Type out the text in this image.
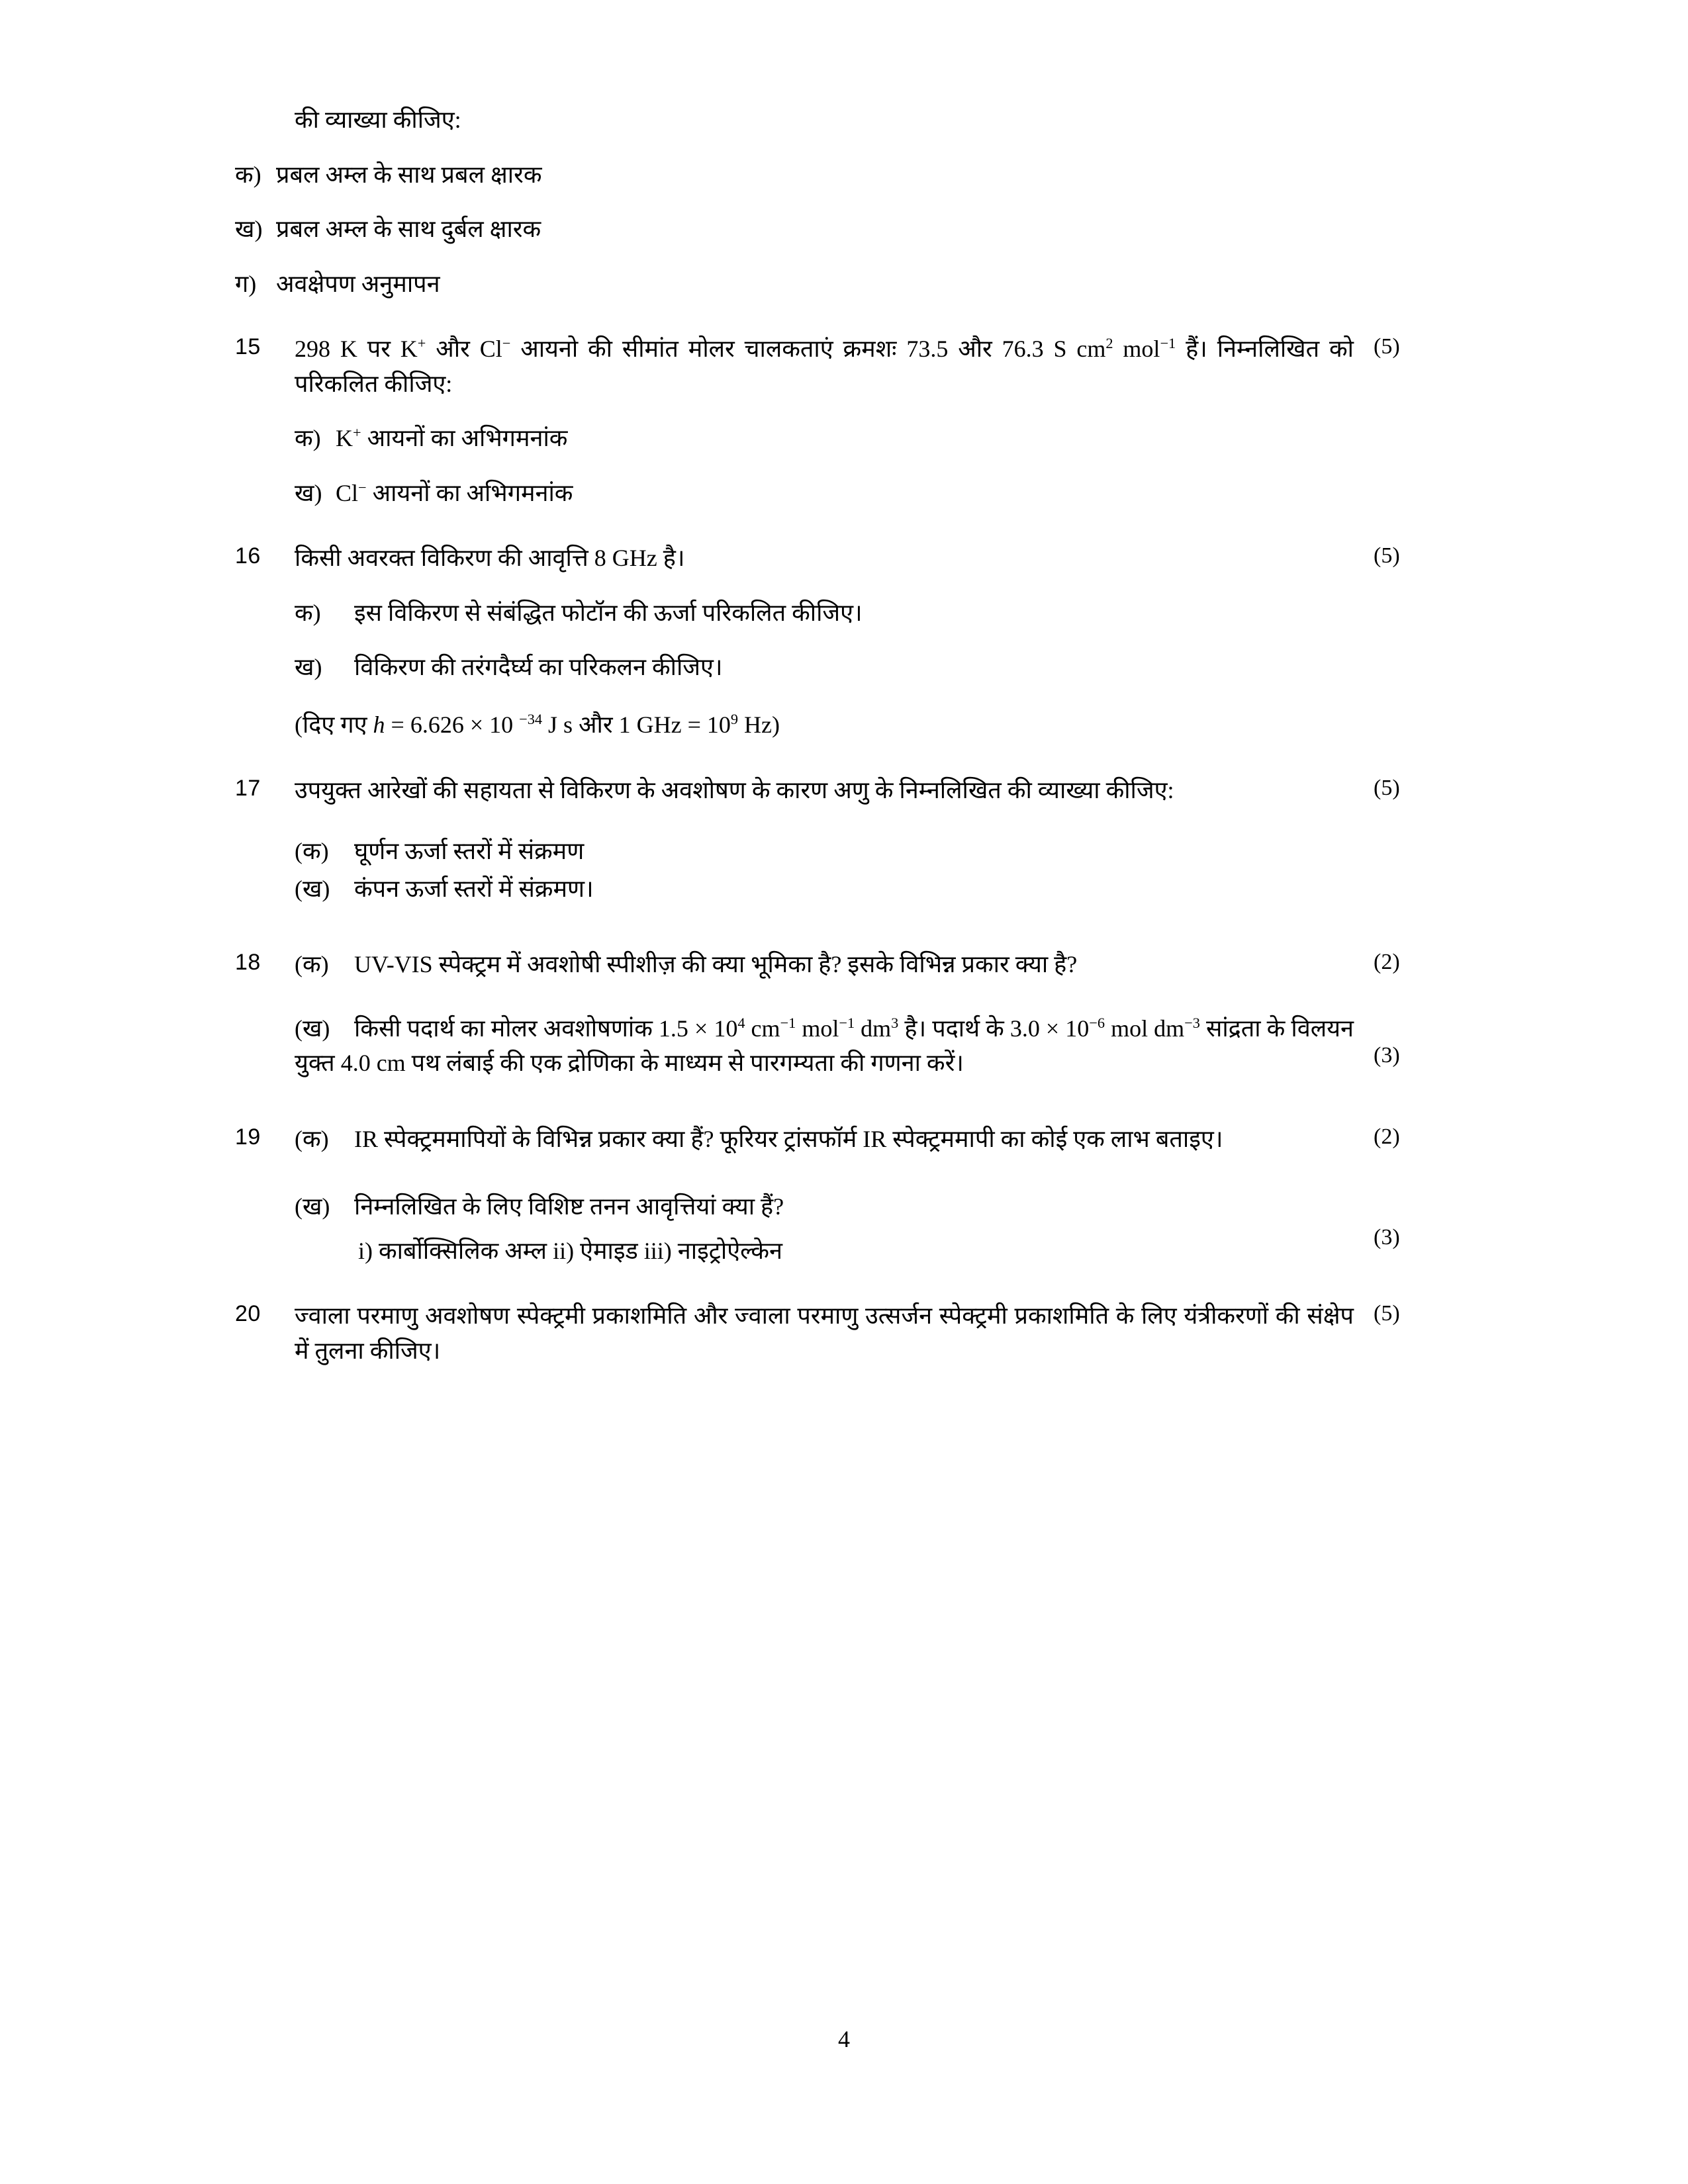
की व्याख्या कीजिए:
क) प्रबल अम्ल के साथ प्रबल क्षारक
ख) प्रबल अम्ल के साथ दुर्बल क्षारक
ग) अवक्षेपण अनुमापन
15	(5)
298 K पर K+ और Cl− आयनो की सीमांत मोलर चालकताएं क्रमशः 73.5 और 76.3 S $cm^2$ mol$^{-1}$ हैं। निम्नलिखित को परिकलित कीजिए:
क) K+ आयनों का अभिगमनांक
ख) Cl− आयनों का अभिगमनांक
16	(5)
किसी अवरक्त विकिरण की आवृत्ति 8 GHz है।
क)	इस विकिरण से संबंद्धित फोटॉन की ऊर्जा परिकलित कीजिए।
ख)	विकिरण की तरंगदैर्घ्य का परिकलन कीजिए।
(दिए गए h = 6.626 × 10 $^{-34}$ J s और 1 GHz = $10^9$ Hz)
17	(5)
उपयुक्त आरेखों की सहायता से विकिरण के अवशोषण के कारण अणु के निम्नलिखित की व्याख्या कीजिए:
(क)	घूर्णन ऊर्जा स्तरों में संक्रमण
(ख)	कंपन ऊर्जा स्तरों में संक्रमण।
18	(2)
(क)	UV-VIS स्पेक्ट्रम में अवशोषी स्पीशीज़ की क्या भूमिका है? इसके विभिन्न प्रकार क्या है?
(3)
(ख)	किसी पदार्थ का मोलर अवशोषणांक $1.5 \times 10^4$ $cm^{-1}$ mol$^{-1}$ $dm^3$ है। पदार्थ के $3.0 \times 10^{-6}$ mol $dm^{-3}$ सांद्रता के विलयन युक्त 4.0 cm पथ लंबाई की एक द्रोणिका के माध्यम से पारगम्यता की गणना करें।
19	(2)
(क)	IR स्पेक्ट्रममापियों के विभिन्न प्रकार क्या हैं? फूरियर ट्रांसफॉर्म IR स्पेक्ट्रममापी का कोई एक लाभ बताइए।
(3)
(ख)	निम्नलिखित के लिए विशिष्ट तनन आवृत्तियां क्या हैं?
i) कार्बोक्सिलिक अम्ल ii) ऐमाइड iii) नाइट्रोऐल्केन
20	(5)
ज्वाला परमाणु अवशोषण स्पेक्ट्रमी प्रकाशमिति और ज्वाला परमाणु उत्सर्जन स्पेक्ट्रमी प्रकाशमिति के लिए यंत्रीकरणों की संक्षेप में तुलना कीजिए।
4
